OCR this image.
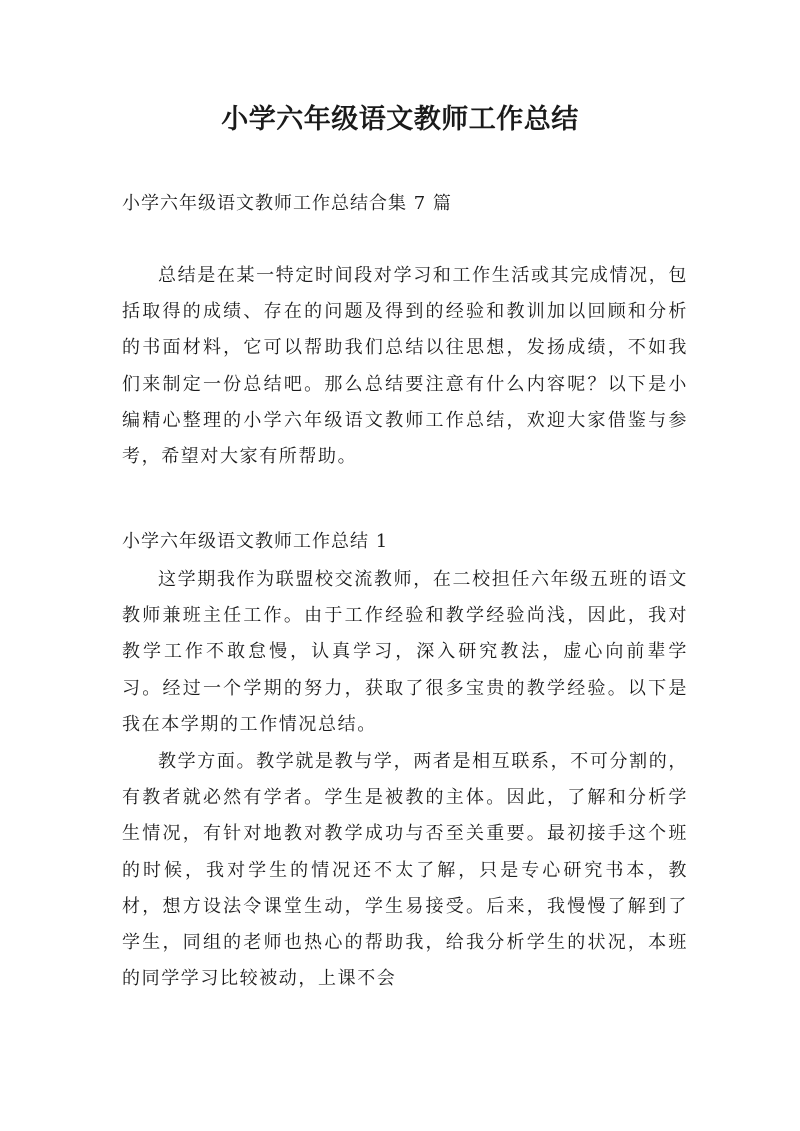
小学六年级语文教师工作总结

小学六年级语文教师工作总结合集 7 篇

总结是在某一特定时间段对学习和工作生活或其完成情况，包括取得的成绩、存在的问题及得到的经验和教训加以回顾和分析的书面材料，它可以帮助我们总结以往思想，发扬成绩，不如我们来制定一份总结吧。那么总结要注意有什么内容呢？以下是小编精心整理的小学六年级语文教师工作总结，欢迎大家借鉴与参考，希望对大家有所帮助。

小学六年级语文教师工作总结 1

这学期我作为联盟校交流教师，在二校担任六年级五班的语文教师兼班主任工作。由于工作经验和教学经验尚浅，因此，我对教学工作不敢怠慢，认真学习，深入研究教法，虚心向前辈学习。经过一个学期的努力，获取了很多宝贵的教学经验。以下是我在本学期的工作情况总结。

教学方面。教学就是教与学，两者是相互联系，不可分割的，有教者就必然有学者。学生是被教的主体。因此，了解和分析学生情况，有针对地教对教学成功与否至关重要。最初接手这个班的时候，我对学生的情况还不太了解，只是专心研究书本，教材，想方设法令课堂生动，学生易接受。后来，我慢慢了解到了学生，同组的老师也热心的帮助我，给我分析学生的状况，本班的同学学习比较被动，上课不会
